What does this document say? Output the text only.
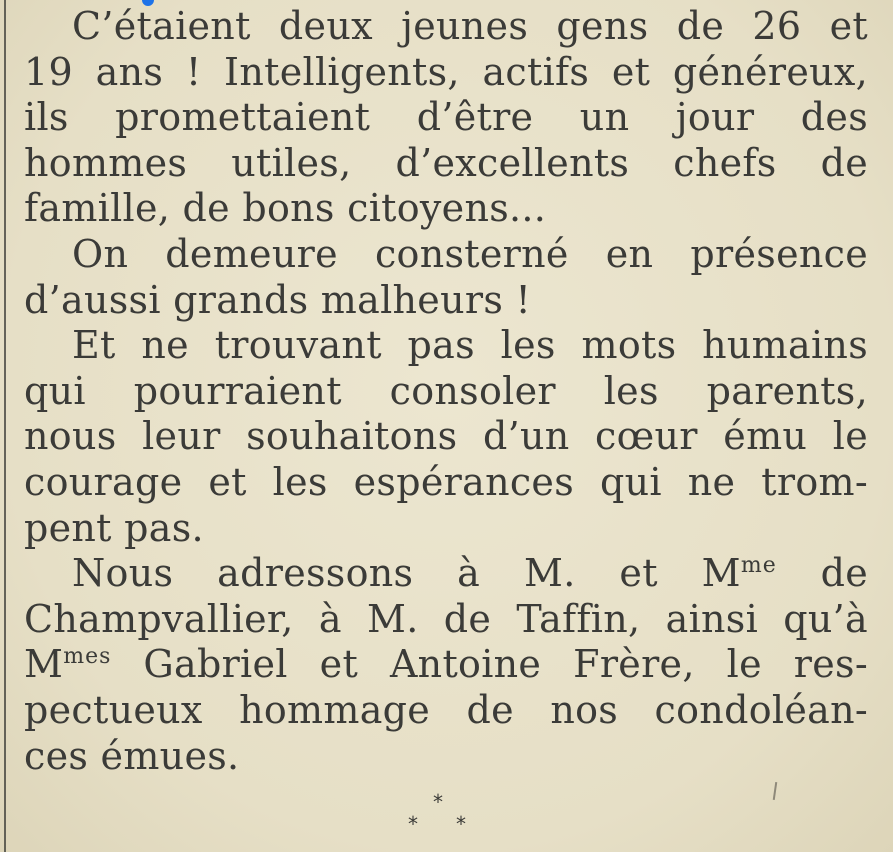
C’étaient deux jeunes gens de 26 et
19 ans ! Intelligents, actifs et généreux,
ils promettaient d’être un jour des
hommes utiles, d’excellents chefs de
famille, de bons citoyens...
On demeure consterné en présence
d’aussi grands malheurs !
Et ne trouvant pas les mots humains
qui pourraient consoler les parents,
nous leur souhaitons d’un cœur ému le
courage et les espérances qui ne trom-
pent pas.
Nous adressons à M. et $M^{me}$ de
Champvallier, à M. de Taffin, ainsi qu’à
$M^{mes}$ Gabriel et Antoine Frère, le res-
pectueux hommage de nos condoléan-
ces émues.
*
* *
